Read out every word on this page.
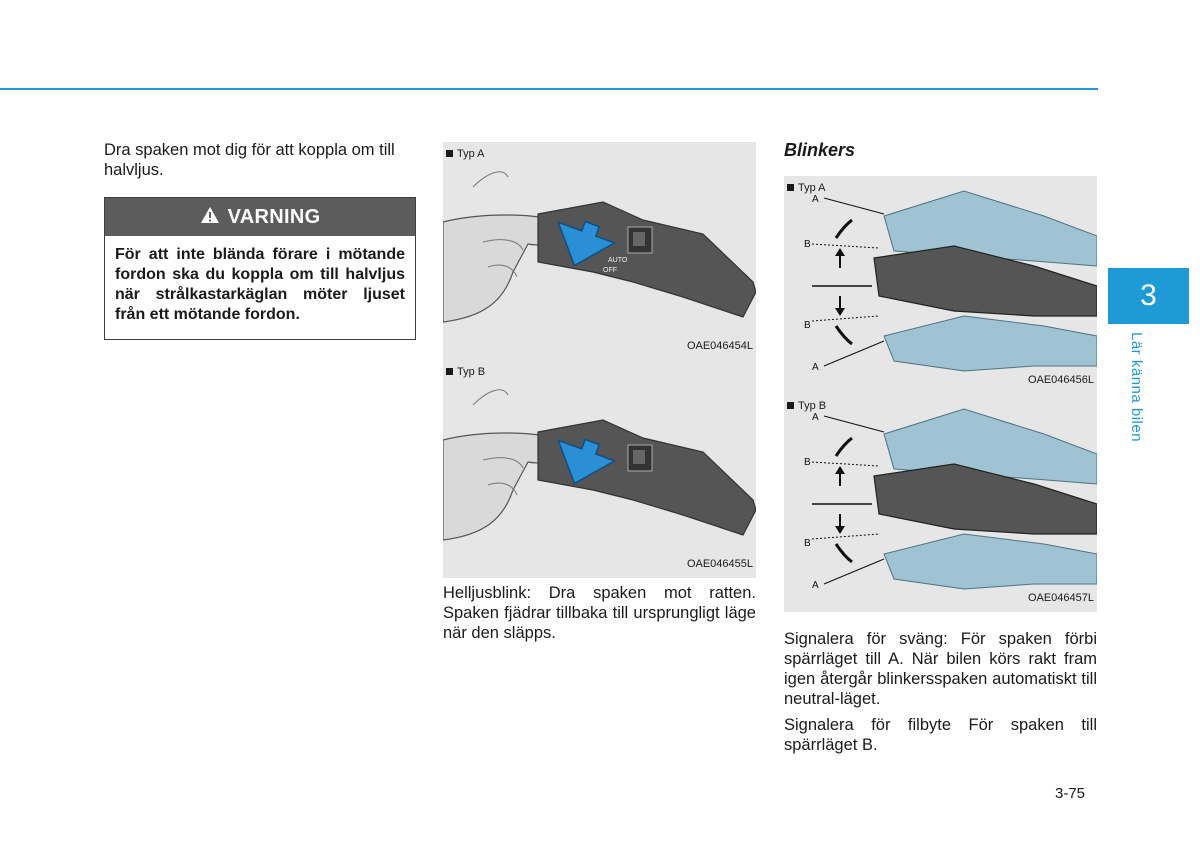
Dra spaken mot dig för att koppla om till halvljus.

VARNING
För att inte blända förare i mötande fordon ska du koppla om till halvljus när strålkastarkäglan möter ljuset från ett mötande fordon.
AUTO
OFF
Typ A
OAE046454L
Typ B
OAE046455L

Helljusblink: Dra spaken mot ratten. Spaken fjädrar tillbaka till ursprungligt läge när den släpps.

Blinkers

A
B
B
A
Typ A
OAE046456L
A
B
B
A
Typ B
OAE046457L

Signalera för sväng: För spaken förbi spärrläget till A. När bilen körs rakt fram igen återgår blinkersspaken automatiskt till neutral-läget.

Signalera för filbyte För spaken till spärrläget B.

3
Lär känna bilen
3-75
